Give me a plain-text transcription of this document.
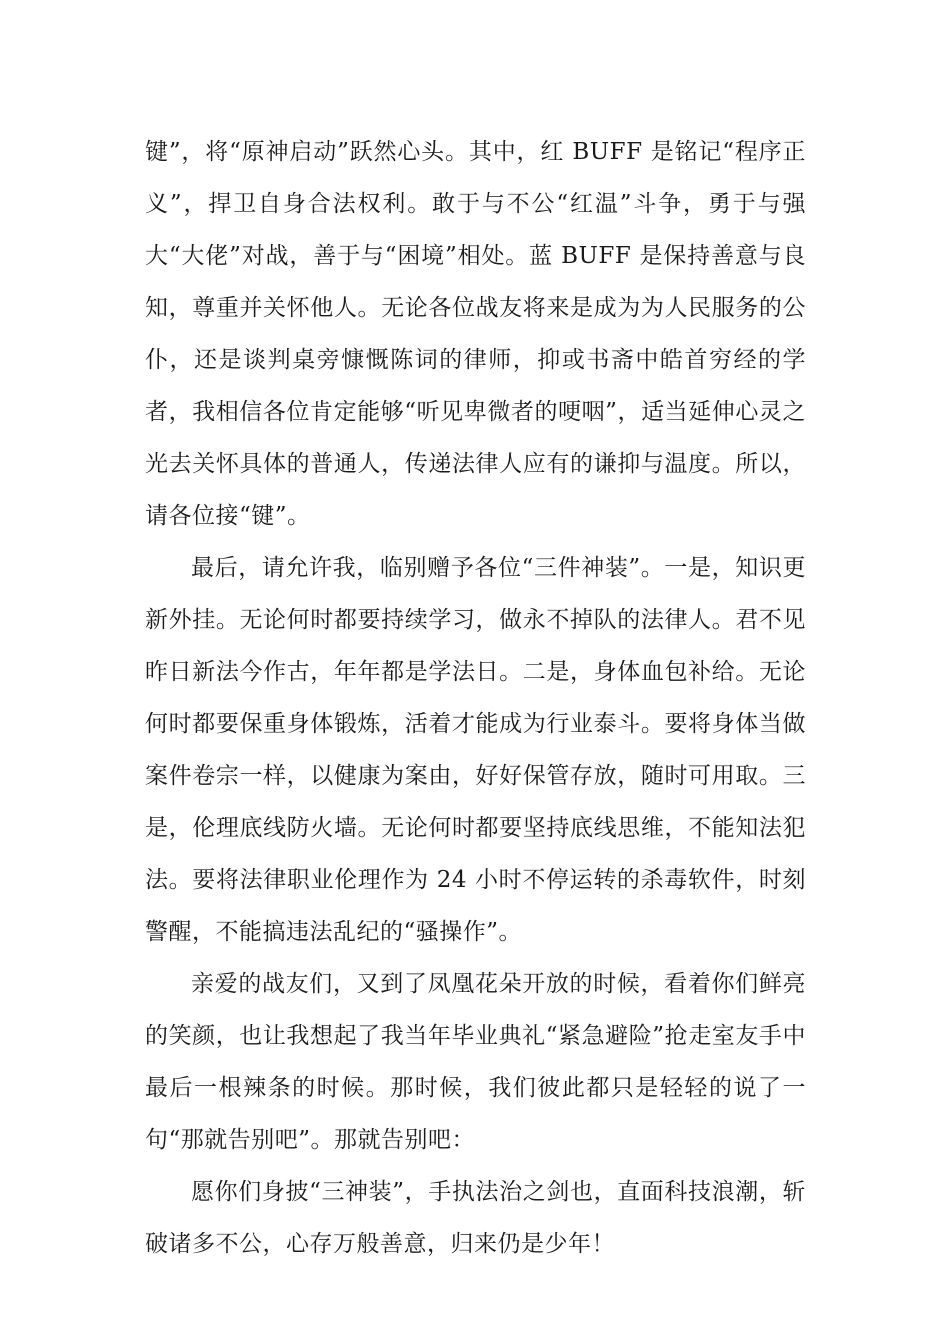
键”，将“原神启动”跃然心头。其中，红 BUFF 是铭记“程序正义”，捍卫自身合法权利。敢于与不公“红温”斗争，勇于与强大“大佬”对战，善于与“困境”相处。蓝 BUFF 是保持善意与良知，尊重并关怀他人。无论各位战友将来是成为为人民服务的公仆，还是谈判桌旁慷慨陈词的律师，抑或书斋中皓首穷经的学者，我相信各位肯定能够“听见卑微者的哽咽”，适当延伸心灵之光去关怀具体的普通人，传递法律人应有的谦抑与温度。所以，请各位接“键”。

最后，请允许我，临别赠予各位“三件神装”。一是，知识更新外挂。无论何时都要持续学习，做永不掉队的法律人。君不见昨日新法今作古，年年都是学法日。二是，身体血包补给。无论何时都要保重身体锻炼，活着才能成为行业泰斗。要将身体当做案件卷宗一样，以健康为案由，好好保管存放，随时可用取。三是，伦理底线防火墙。无论何时都要坚持底线思维，不能知法犯法。要将法律职业伦理作为 24 小时不停运转的杀毒软件，时刻警醒，不能搞违法乱纪的“骚操作”。

亲爱的战友们，又到了凤凰花朵开放的时候，看着你们鲜亮的笑颜，也让我想起了我当年毕业典礼“紧急避险”抢走室友手中最后一根辣条的时候。那时候，我们彼此都只是轻轻的说了一句“那就告别吧”。那就告别吧：

愿你们身披“三神装”，手执法治之剑也，直面科技浪潮，斩破诸多不公，心存万般善意，归来仍是少年！
